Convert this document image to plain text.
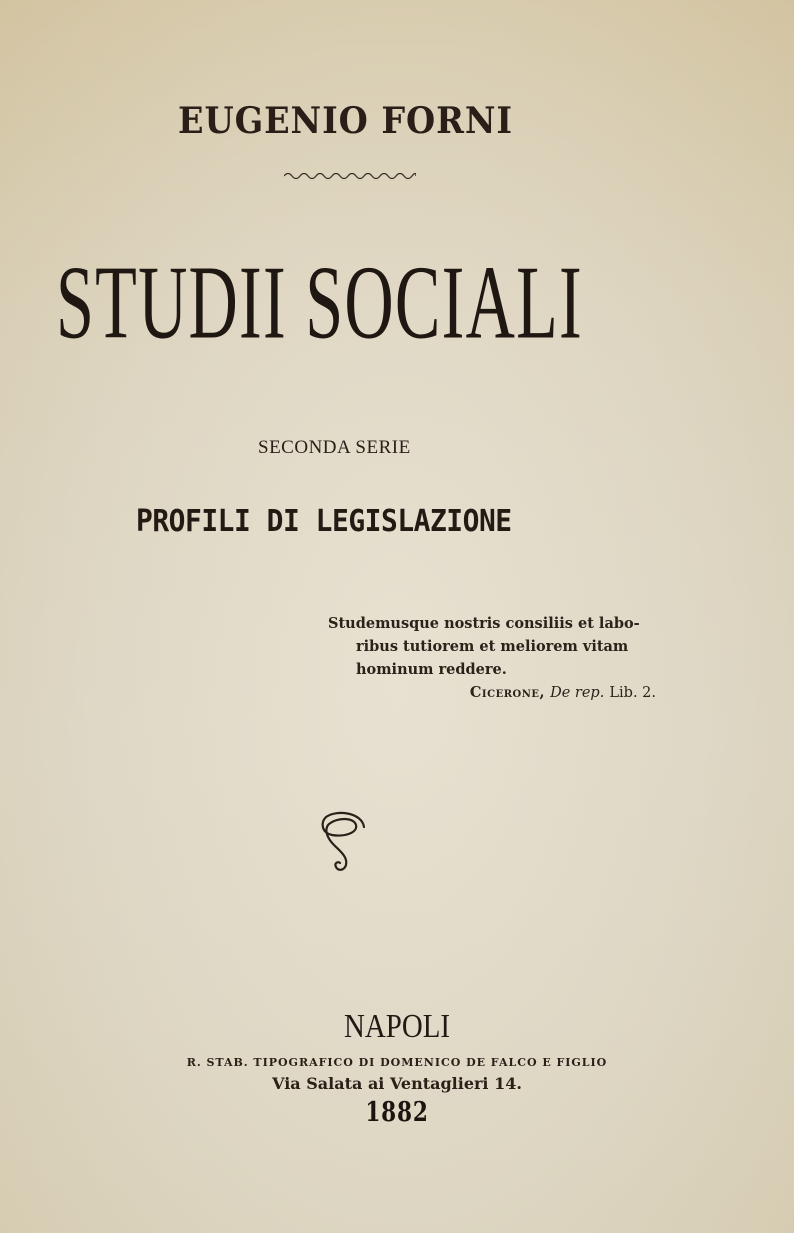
EUGENIO FORNI
STUDII SOCIALI
SECONDA SERIE
PROFILI DI LEGISLAZIONE
Studemusque nostris consiliis et labo-
ribus tutiorem et meliorem vitam
hominum reddere.
Cicerone, De rep. Lib. 2.
NAPOLI
R. STAB. TIPOGRAFICO DI DOMENICO DE FALCO E FIGLIO
Via Salata ai Ventaglieri 14.
1882
